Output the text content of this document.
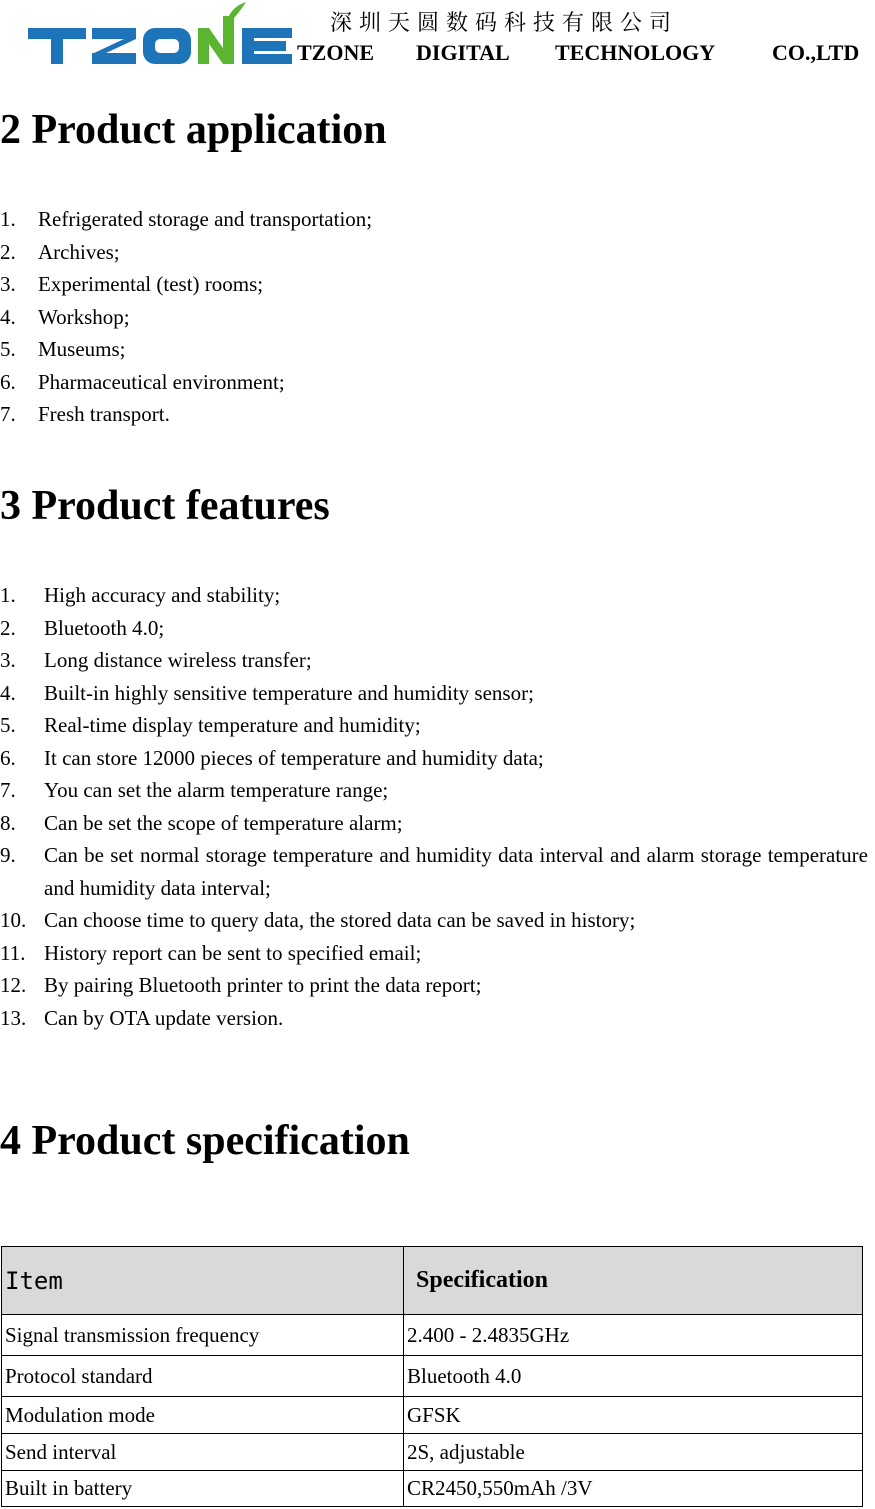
深圳天圆数码科技有限公司
TZONE DIGITAL TECHNOLOGY	CO.,LTD
2 Product application
1. Refrigerated storage and transportation;
2. Archives;
3. Experimental (test) rooms;
4. Workshop;
5. Museums;
6. Pharmaceutical environment;
7. Fresh transport.
3 Product features
1. High accuracy and stability;
2. Bluetooth 4.0;
3. Long distance wireless transfer;
4. Built-in highly sensitive temperature and humidity sensor;
5. Real-time display temperature and humidity;
6. It can store 12000 pieces of temperature and humidity data;
7. You can set the alarm temperature range;
8. Can be set the scope of temperature alarm;
9. Can be set normal storage temperature and humidity data interval and alarm storage temperature and humidity data interval;
10. Can choose time to query data, the stored data can be saved in history;
11. History report can be sent to specified email;
12. By pairing Bluetooth printer to print the data report;
13. Can by OTA update version.
4 Product specification
Item	Specification
Signal transmission frequency	2.400 - 2.4835GHz
Protocol standard	Bluetooth 4.0
Modulation mode	GFSK
Send interval	2S, adjustable
Built in battery	CR2450,550mAh /3V
